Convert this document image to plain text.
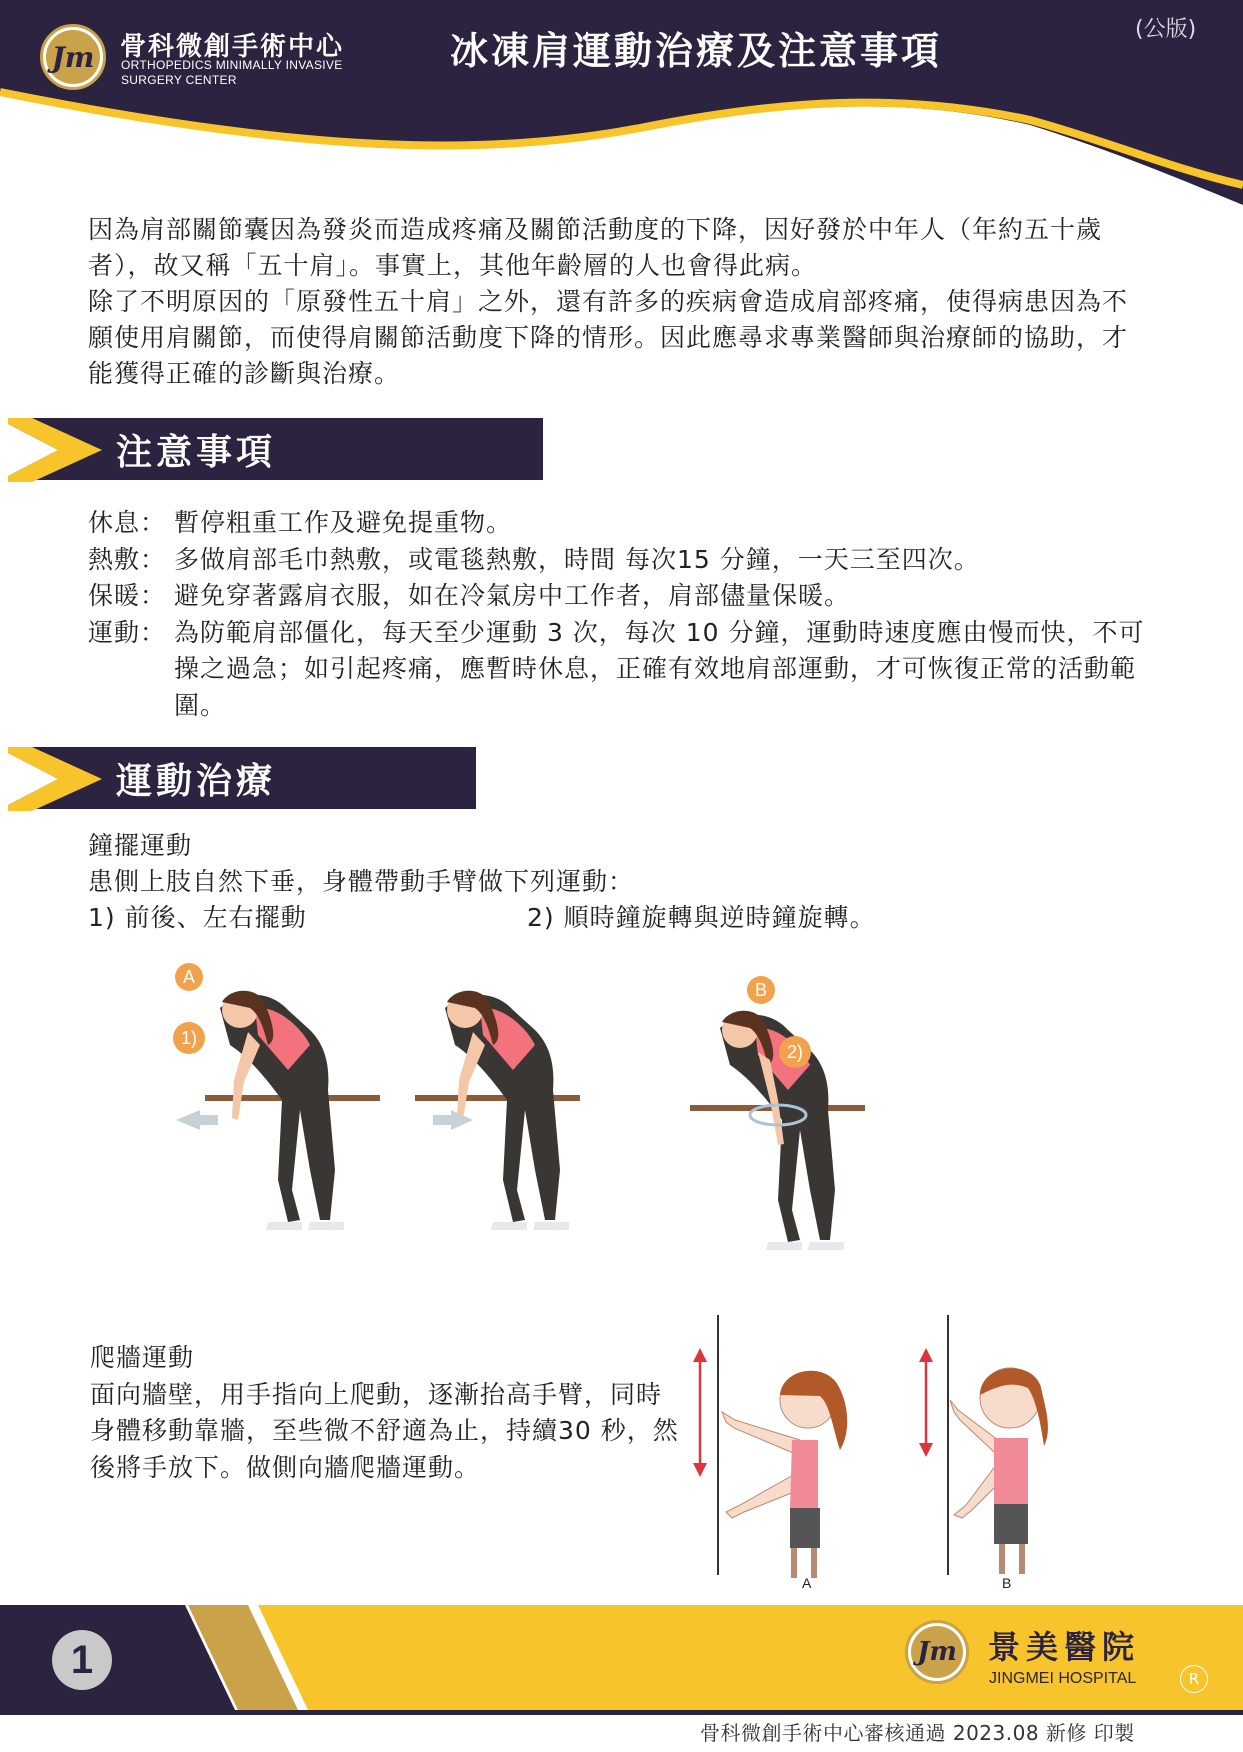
Jm 骨科微創手術中心
ORTHOPEDICS MINIMALLY INVASIVE SURGERY CENTER
冰凍肩運動治療及注意事項	(公版)

因為肩部關節囊因為發炎而造成疼痛及關節活動度的下降，因好發於中年人（年約五十歲者），故又稱「五十肩」。事實上，其他年齡層的人也會得此病。

除了不明原因的「原發性五十肩」之外，還有許多的疾病會造成肩部疼痛，使得病患因為不願使用肩關節，而使得肩關節活動度下降的情形。因此應尋求專業醫師與治療師的協助，才能獲得正確的診斷與治療。

注意事項
休息： 暫停粗重工作及避免提重物。
熱敷： 多做肩部毛巾熱敷，或電毯熱敷，時間 每次15 分鐘，一天三至四次。
保暖： 避免穿著露肩衣服，如在冷氣房中工作者，肩部儘量保暖。
運動： 為防範肩部僵化，每天至少運動 3 次，每次 10 分鐘，運動時速度應由慢而快，不可操之過急；如引起疼痛，應暫時休息，正確有效地肩部運動，才可恢復正常的活動範圍。
運動治療
鐘擺運動
患側上肢自然下垂，身體帶動手臂做下列運動：
1) 前後、左右擺動	2) 順時鐘旋轉與逆時鐘旋轉。
A
1)
B
2)
爬牆運動
面向牆壁，用手指向上爬動，逐漸抬高手臂，同時身體移動靠牆，至些微不舒適為止，持續30 秒，然後將手放下。做側向牆爬牆運動。
A	B
1	Jm 景美醫院
JINGMEI HOSPITAL	R
骨科微創手術中心審核通過 2023.08 新修 印製
